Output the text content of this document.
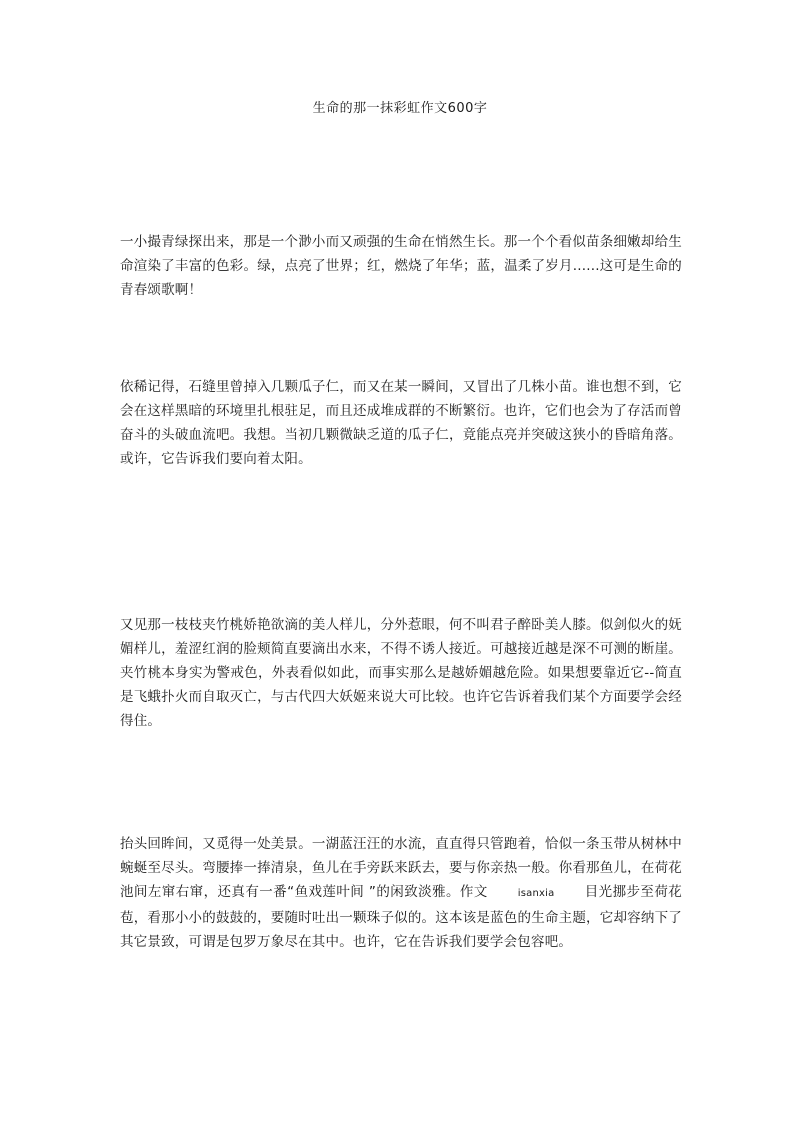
生命的那一抹彩虹作文600字

一小撮青绿探出来，那是一个渺小而又顽强的生命在悄然生长。那一个个看似苗条细嫩却给生命渲染了丰富的色彩。绿，点亮了世界；红，燃烧了年华；蓝，温柔了岁月......这可是生命的青春颂歌啊！

依稀记得，石缝里曾掉入几颗瓜子仁，而又在某一瞬间，又冒出了几株小苗。谁也想不到，它会在这样黑暗的环境里扎根驻足，而且还成堆成群的不断繁衍。也许，它们也会为了存活而曾奋斗的头破血流吧。我想。当初几颗微缺乏道的瓜子仁，竟能点亮并突破这狭小的昏暗角落。或许，它告诉我们要向着太阳。

又见那一枝枝夹竹桃娇艳欲滴的美人样儿，分外惹眼，何不叫君子醉卧美人膝。似剑似火的妩媚样儿，羞涩红润的脸颊简直要滴出水来，不得不诱人接近。可越接近越是深不可测的断崖。夹竹桃本身实为警戒色，外表看似如此，而事实那么是越娇媚越危险。如果想要靠近它--简直是飞蛾扑火而自取灭亡，与古代四大妖姬来说大可比较。也许它告诉着我们某个方面要学会经得住。

抬头回眸间，又觅得一处美景。一湖蓝汪汪的水流，直直得只管跑着，恰似一条玉带从树林中蜿蜒至尽头。弯腰捧一捧清泉，鱼儿在手旁跃来跃去，要与你亲热一般。你看那鱼儿，在荷花池间左窜右窜，还真有一番“鱼戏莲叶间 ”的闲致淡雅。作文	isanxia 目光挪步至荷花苞，看那小小的鼓鼓的，要随时吐出一颗珠子似的。这本该是蓝色的生命主题，它却容纳下了其它景致，可谓是包罗万象尽在其中。也许，它在告诉我们要学会包容吧。
